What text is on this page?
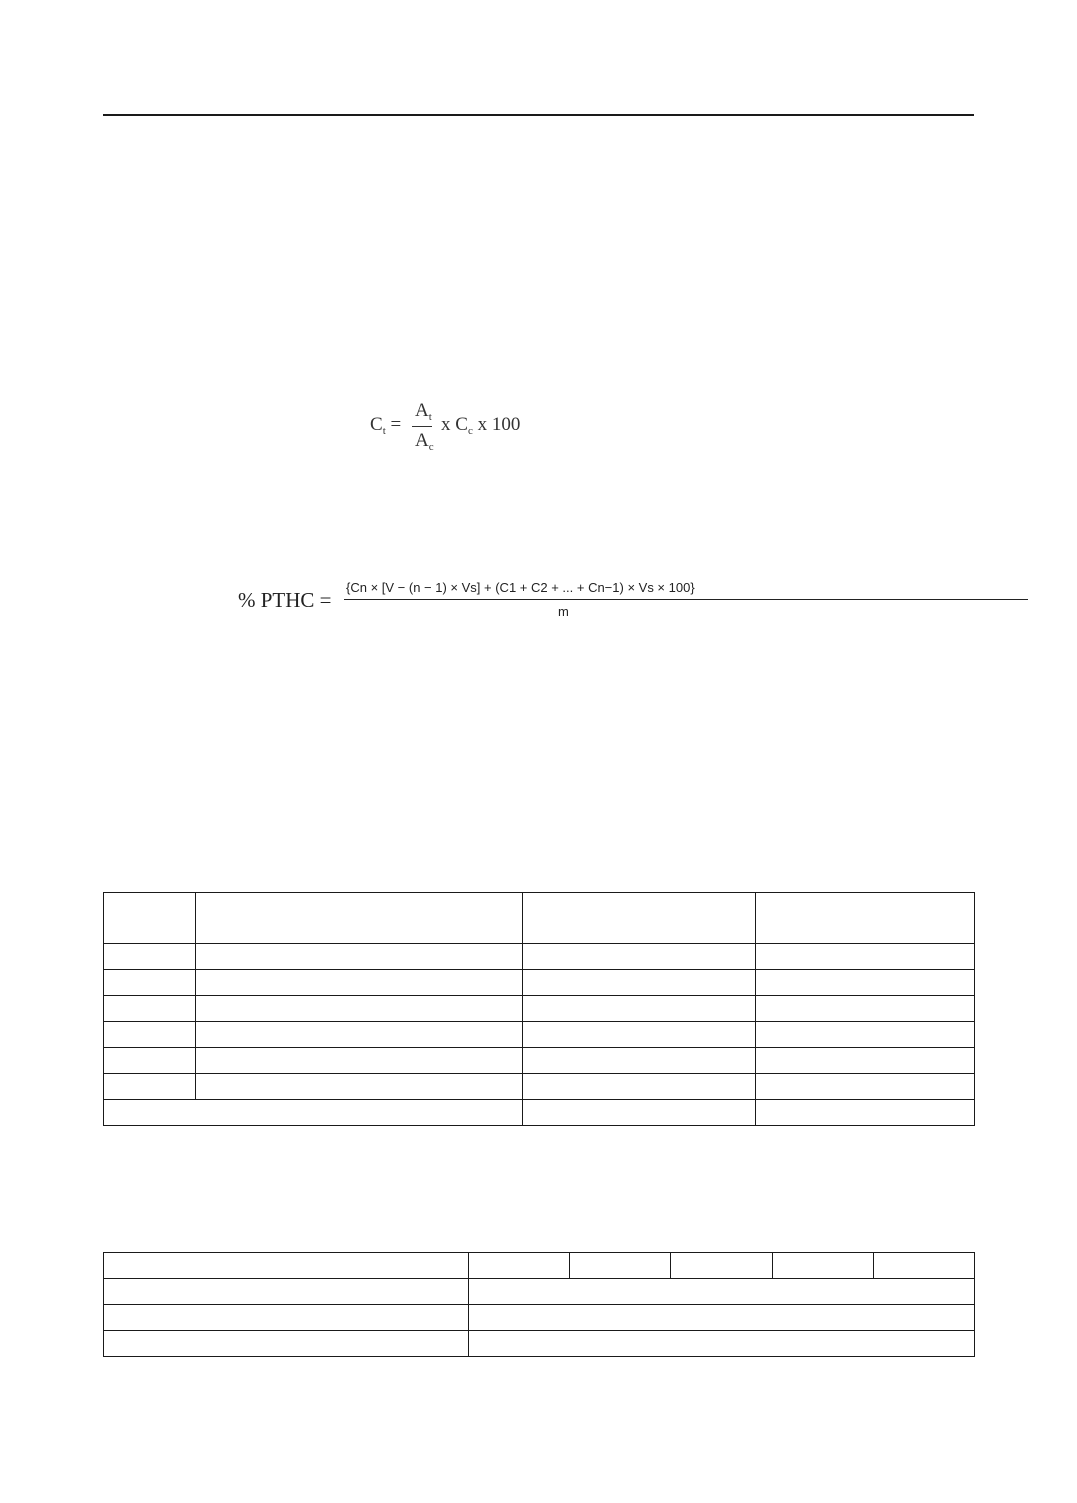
$C_t$ =
$A_t$
$A_c$
x $C_c$ x 100
% PTHC =
{Cn × [V − (n − 1) × Vs] + (C1 + C2 + ... + Cn−1) × Vs × 100}
m
